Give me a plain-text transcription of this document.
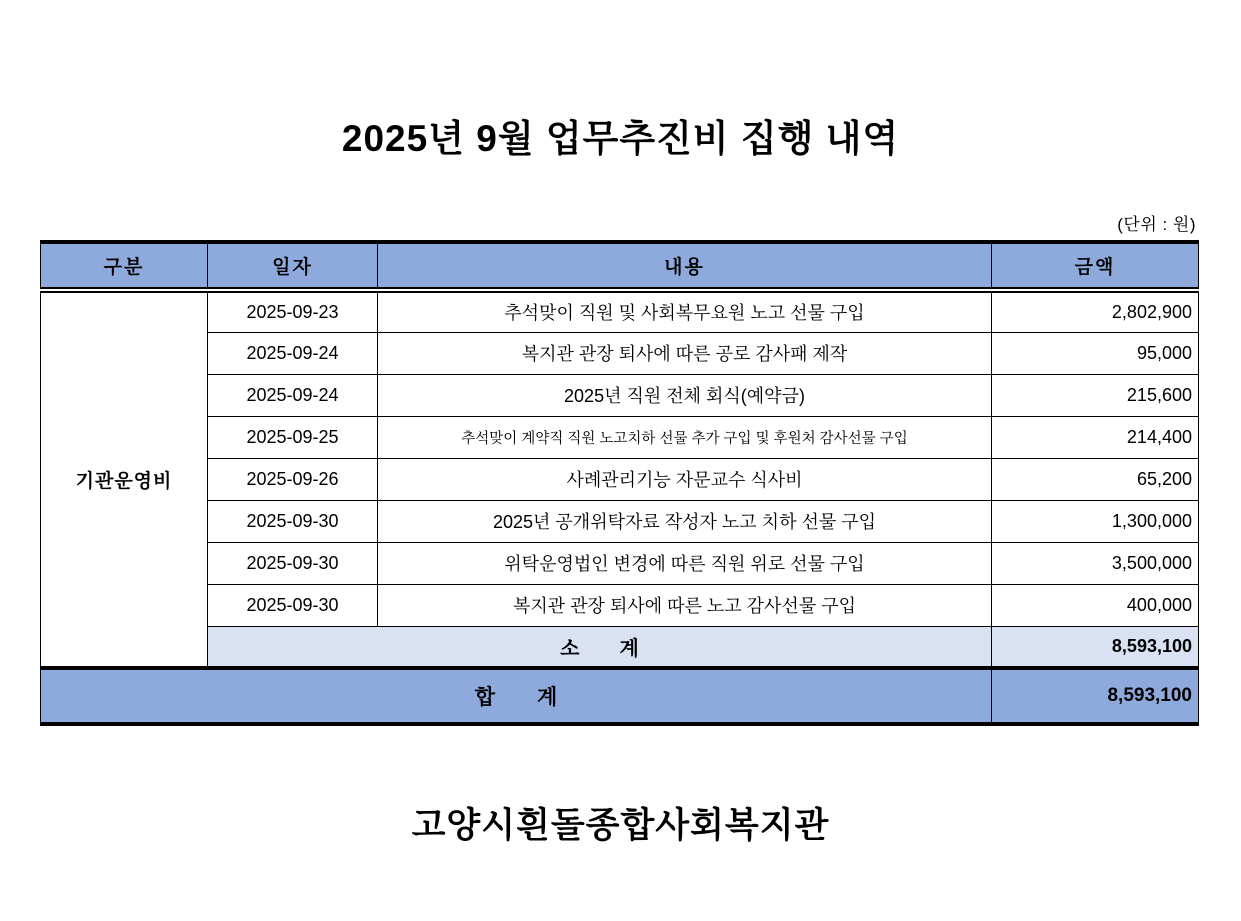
2025년 9월 업무추진비 집행 내역
(단위 : 원)
구분	일자	내용	금액
기관운영비	2025-09-23	추석맞이 직원 및 사회복무요원 노고 선물 구입	2,802,900
	2025-09-24	복지관 관장 퇴사에 따른 공로 감사패 제작	95,000
	2025-09-24	2025년 직원 전체 회식(예약금)	215,600
	2025-09-25	추석맞이 계약직 직원 노고치하 선물 추가 구입 및 후원처 감사선물 구입	214,400
	2025-09-26	사례관리기능 자문교수 식사비	65,200
	2025-09-30	2025년 공개위탁자료 작성자 노고 치하 선물 구입	1,300,000
	2025-09-30	위탁운영법인 변경에 따른 직원 위로 선물 구입	3,500,000
	2025-09-30	복지관 관장 퇴사에 따른 노고 감사선물 구입	400,000
	소　　계		8,593,100
합　　계			8,593,100
고양시흰돌종합사회복지관
